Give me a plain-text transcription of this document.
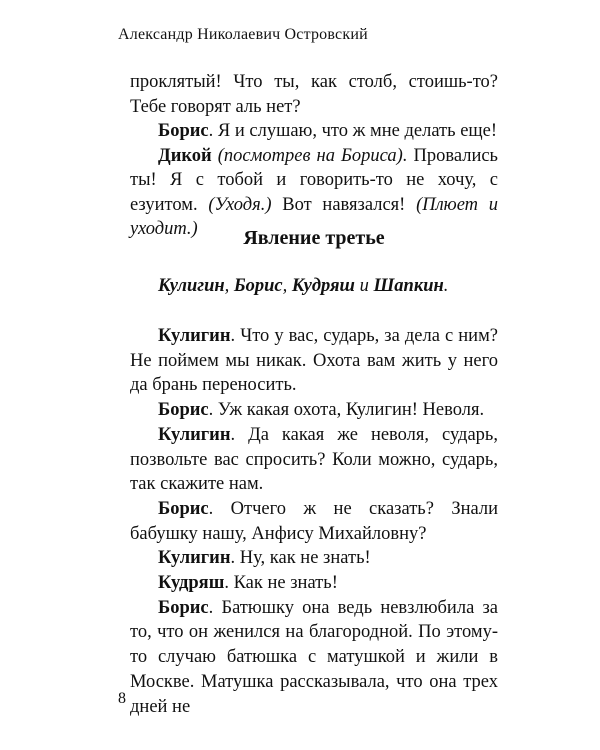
Александр Николаевич Островский

проклятый! Что ты, как столб, стоишь-то? Тебе говорят аль нет?

Борис. Я и слушаю, что ж мне делать еще!

Дикой (посмотрев на Бориса). Провались ты! Я с тобой и говорить-то не хочу, с езуитом. (Уходя.) Вот навязался! (Плюет и уходит.)	Явление третье
Кулигин, Борис, Кудряш и Шапкин.

Кулигин. Что у вас, сударь, за дела с ним? Не поймем мы никак. Охота вам жить у него да брань переносить.

Борис. Уж какая охота, Кулигин! Неволя.

Кулигин. Да какая же неволя, сударь, позвольте вас спросить? Коли можно, сударь, так скажите нам.

Борис. Отчего ж не сказать? Знали бабушку нашу, Анфису Михайловну?

Кулигин. Ну, как не знать!

Кудряш. Как не знать!

Борис. Батюшку она ведь невзлюбила за то, что он женился на благородной. По этому-то случаю батюшка с матушкой и жили в Москве. Матушка рассказывала, что она трех дней не

8
